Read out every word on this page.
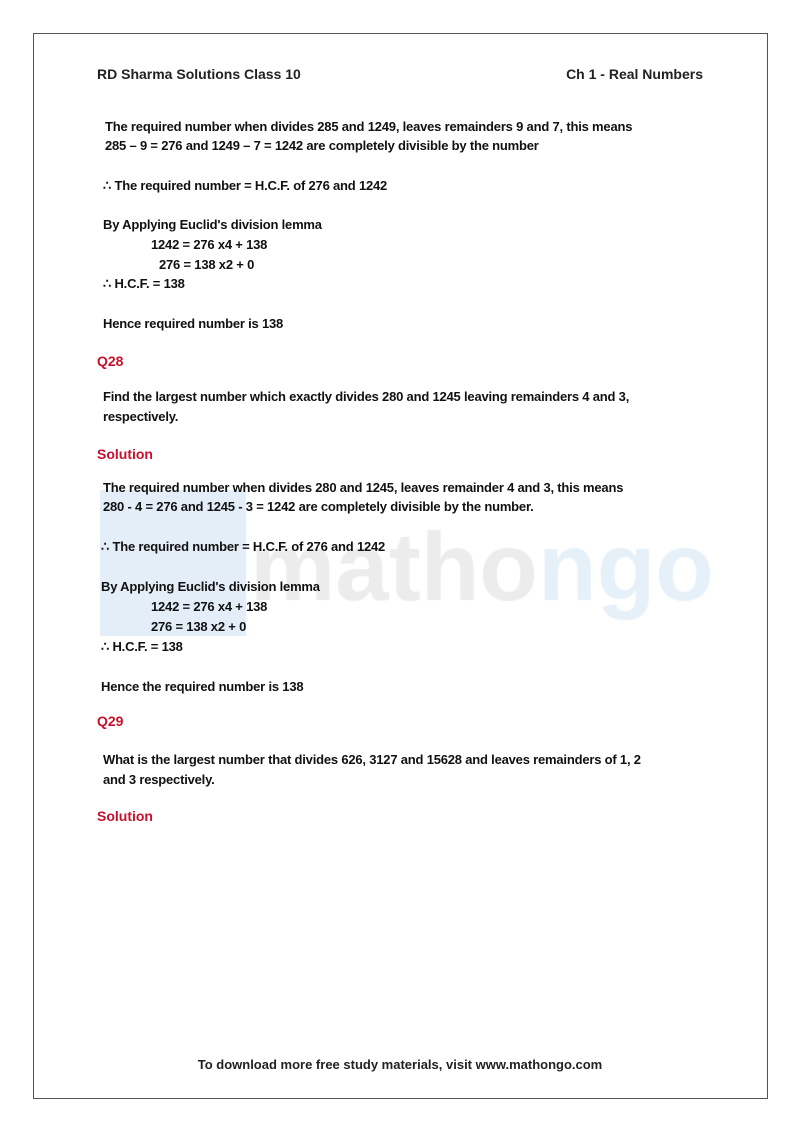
RD Sharma Solutions Class 10	Ch 1 - Real Numbers
The required number when divides 285 and 1249, leaves remainders 9 and 7, this means
285 – 9 = 276 and 1249 – 7 = 1242 are completely divisible by the number
∴ The required number = H.C.F. of 276 and 1242
By Applying Euclid's division lemma
1242 = 276 x4 + 138
276 = 138 x2 + 0
∴ H.C.F. = 138
Hence required number is 138
Q28
Find the largest number which exactly divides 280 and 1245 leaving remainders 4 and 3,
respectively.
Solution
The required number when divides 280 and 1245, leaves remainder 4 and 3, this means
280 - 4 = 276 and 1245 - 3 = 1242 are completely divisible by the number.
∴ The required number = H.C.F. of 276 and 1242
By Applying Euclid's division lemma
1242 = 276 x4 + 138
276 = 138 x2 + 0
∴ H.C.F. = 138
Hence the required number is 138
Q29
What is the largest number that divides 626, 3127 and 15628 and leaves remainders of 1, 2
and 3 respectively.
Solution
To download more free study materials, visit www.mathongo.com
